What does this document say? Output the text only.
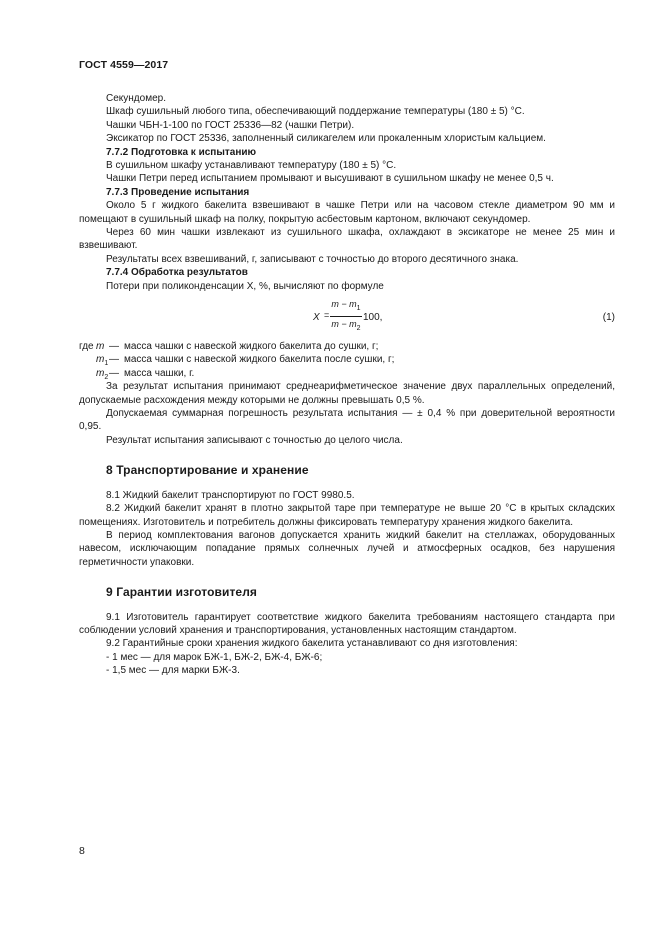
ГОСТ 4559—2017

Секундомер.

Шкаф сушильный любого типа, обеспечивающий поддержание температуры (180 ± 5) °С.

Чашки ЧБН-1-100 по ГОСТ 25336—82 (чашки Петри).

Эксикатор по ГОСТ 25336, заполненный силикагелем или прокаленным хлористым кальцием.

7.7.2 Подготовка к испытанию

В сушильном шкафу устанавливают температуру (180 ± 5) °С.

Чашки Петри перед испытанием промывают и высушивают в сушильном шкафу не менее 0,5 ч.

7.7.3 Проведение испытания

Около 5 г жидкого бакелита взвешивают в чашке Петри или на часовом стекле диаметром 90 мм и помещают в сушильный шкаф на полку, покрытую асбестовым картоном, включают секундомер.

Через 60 мин чашки извлекают из сушильного шкафа, охлаждают в эксикаторе не менее 25 мин и взвешивают.

Результаты всех взвешиваний, г, записывают с точностью до второго десятичного знака.

7.7.4 Обработка результатов

Потери при поликонденсации X, %, вычисляют по формуле

$X = \frac{m - m_1}{m - m_2} 100$,	(1)
где m — масса чашки с навеской жидкого бакелита до сушки, г;
$m_1$ — масса чашки с навеской жидкого бакелита после сушки, г;
$m_2$ — масса чашки, г.

За результат испытания принимают среднеарифметическое значение двух параллельных определений, допускаемые расхождения между которыми не должны превышать 0,5 %.

Допускаемая суммарная погрешность результата испытания — ± 0,4 % при доверительной вероятности 0,95.

Результат испытания записывают с точностью до целого числа.

8 Транспортирование и хранение

8.1 Жидкий бакелит транспортируют по ГОСТ 9980.5.

8.2 Жидкий бакелит хранят в плотно закрытой таре при температуре не выше 20 °С в крытых складских помещениях. Изготовитель и потребитель должны фиксировать температуру хранения жидкого бакелита.

В период комплектования вагонов допускается хранить жидкий бакелит на стеллажах, оборудованных навесом, исключающим попадание прямых солнечных лучей и атмосферных осадков, без нарушения герметичности упаковки.

9 Гарантии изготовителя

9.1 Изготовитель гарантирует соответствие жидкого бакелита требованиям настоящего стандарта при соблюдении условий хранения и транспортирования, установленных настоящим стандартом.

9.2 Гарантийные сроки хранения жидкого бакелита устанавливают со дня изготовления:

- 1 мес — для марок БЖ-1, БЖ-2, БЖ-4, БЖ-6;

- 1,5 мес — для марки БЖ-3.

8
